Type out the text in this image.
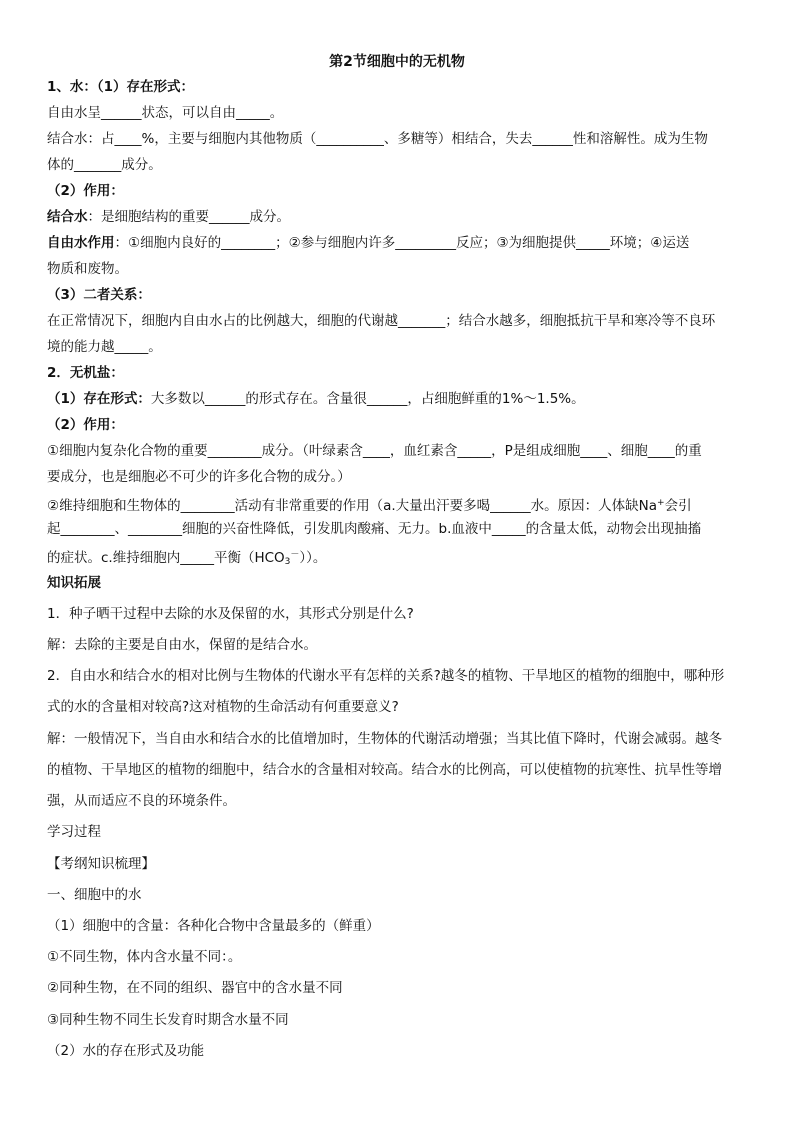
第2节细胞中的无机物

1、水：（1）存在形式：

自由水呈______状态，可以自由_____。

结合水：占____%，主要与细胞内其他物质（__________、多糖等）相结合，失去______性和溶解性。成为生物

体的_______成分。

（2）作用：

结合水：是细胞结构的重要______成分。

自由水作用：①细胞内良好的________；②参与细胞内许多_________反应；③为细胞提供_____环境；④运送

物质和废物。

（3）二者关系：

在正常情况下，细胞内自由水占的比例越大，细胞的代谢越_______；结合水越多，细胞抵抗干旱和寒冷等不良环

境的能力越_____。

2．无机盐：

（1）存在形式：大多数以______的形式存在。含量很______，占细胞鲜重的1%～1.5%。

（2）作用：

①细胞内复杂化合物的重要________成分。（叶绿素含____，血红素含_____，P是组成细胞____、细胞____的重

要成分，也是细胞必不可少的许多化合物的成分。）

②维持细胞和生物体的________活动有非常重要的作用（a.大量出汗要多喝______水。原因：人体缺Na+会引

起________、________细胞的兴奋性降低，引发肌肉酸痛、无力。b.血液中_____的含量太低，动物会出现抽搐

的症状。c.维持细胞内_____平衡$(HCO_3^-)$）。

知识拓展

1．种子晒干过程中去除的水及保留的水，其形式分别是什么?

解：去除的主要是自由水，保留的是结合水。

2．自由水和结合水的相对比例与生物体的代谢水平有怎样的关系?越冬的植物、干旱地区的植物的细胞中，哪种形

式的水的含量相对较高?这对植物的生命活动有何重要意义?

解：一般情况下，当自由水和结合水的比值增加时，生物体的代谢活动增强；当其比值下降时，代谢会减弱。越冬

的植物、干旱地区的植物的细胞中，结合水的含量相对较高。结合水的比例高，可以使植物的抗寒性、抗旱性等增

强，从而适应不良的环境条件。

学习过程

【考纲知识梳理】

一、细胞中的水

（1）细胞中的含量：各种化合物中含量最多的（鲜重）

①不同生物，体内含水量不同：。

②同种生物，在不同的组织、器官中的含水量不同

③同种生物不同生长发育时期含水量不同

（2）水的存在形式及功能
